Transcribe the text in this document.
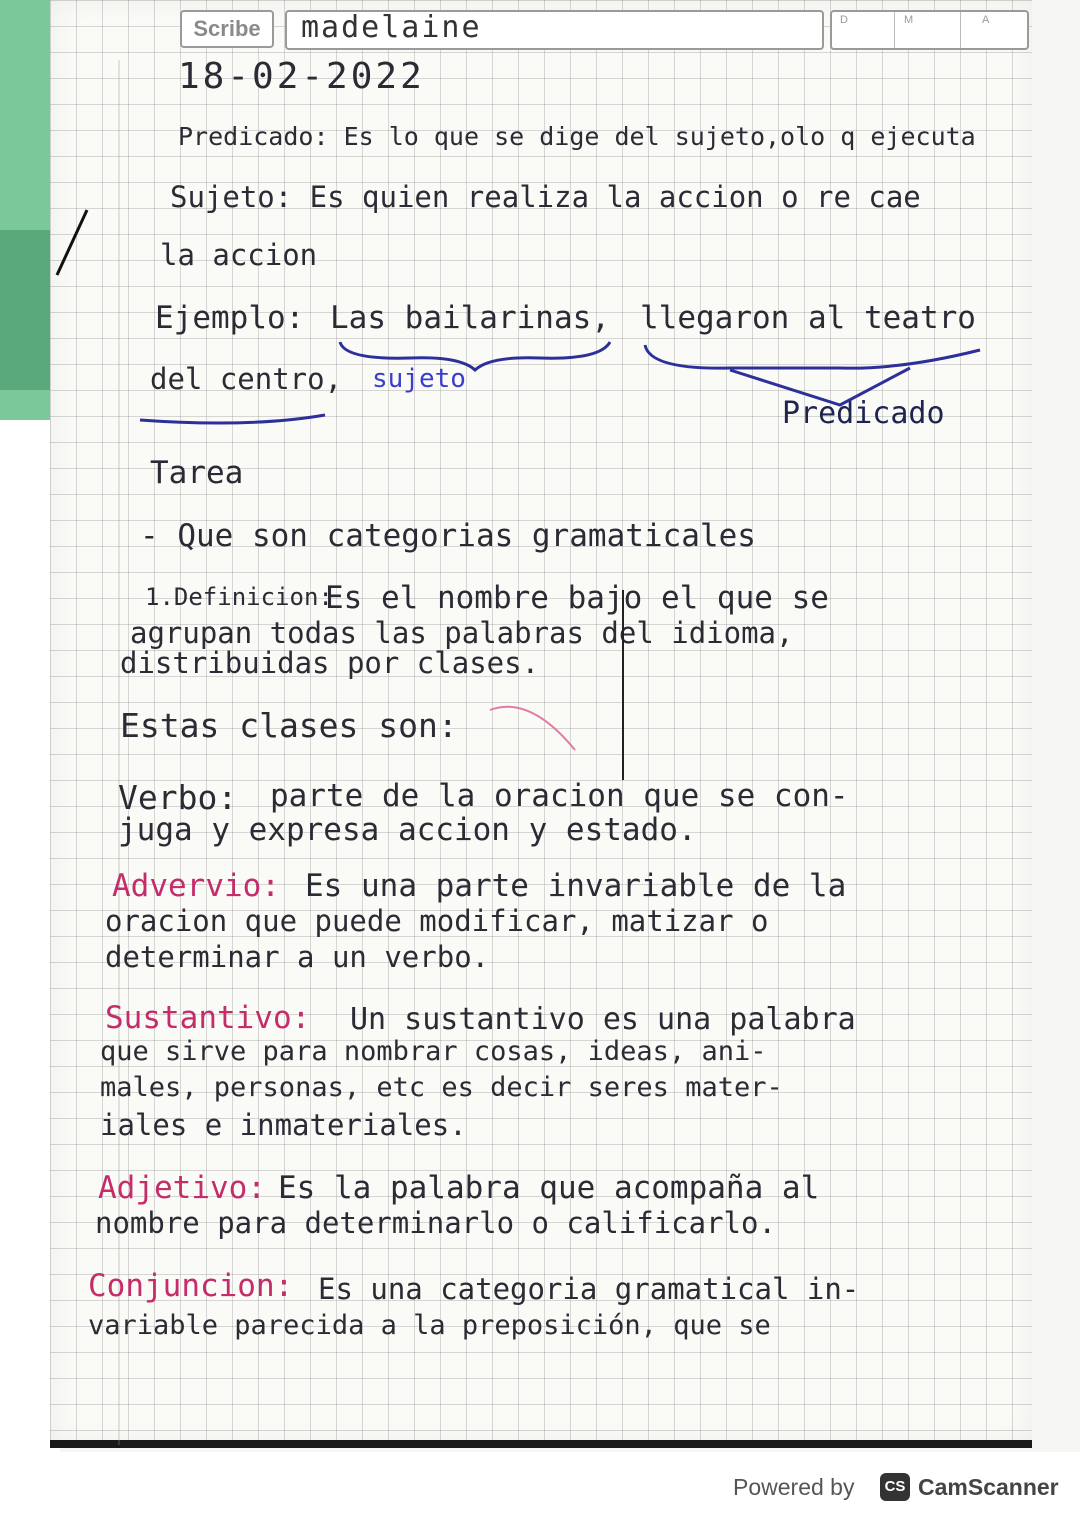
Scribe	madelaine	D	M	A
18-02-2022
Predicado: Es lo que se dige del sujeto,olo q ejecuta
Sujeto: Es quien realiza la accion o re cae
la accion
Ejemplo: Las bailarinas, llegaron al teatro
del centro, sujeto
Predicado
Tarea
- Que son categorias gramaticales
1.Definicion:
Es el nombre bajo el que se
agrupan todas las palabras del idioma,
distribuidas por clases.
Estas clases son:
Verbo: parte de la oracion que se con-
juga y expresa accion y estado.
Advervio: Es una parte invariable de la
oracion que puede modificar, matizar o
determinar a un verbo.
Sustantivo: Un sustantivo es una palabra
que sirve para nombrar cosas, ideas, ani-
males, personas, etc es decir seres mater-
iales e inmateriales.
Adjetivo: Es la palabra que acompaña al
nombre para determinarlo o calificarlo.
Conjuncion: Es una categoria gramatical in-
variable parecida a la preposición, que se
Powered by	CS CamScanner
